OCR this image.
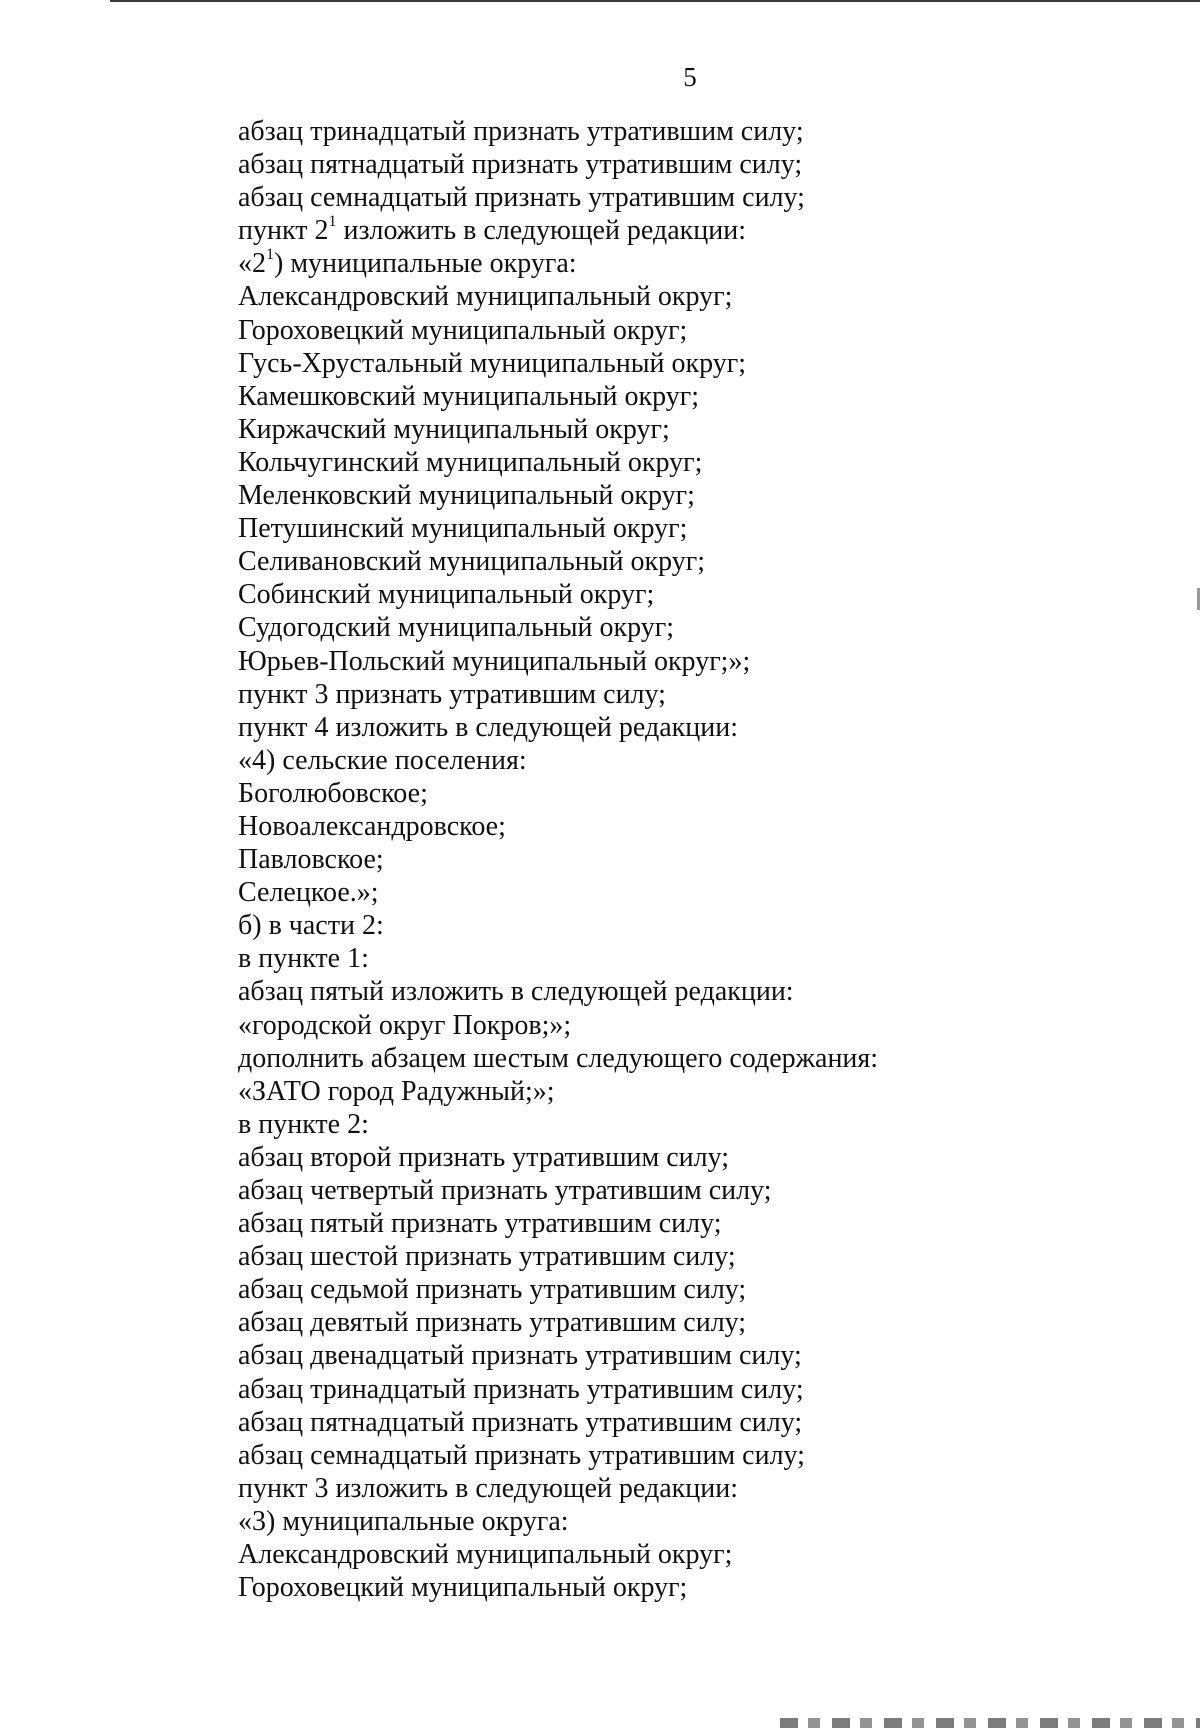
5
абзац тринадцатый признать утратившим силу;
абзац пятнадцатый признать утратившим силу;
абзац семнадцатый признать утратившим силу;
пункт $2^1$ изложить в следующей редакции:
«$2^1$) муниципальные округа:
Александровский муниципальный округ;
Гороховецкий муниципальный округ;
Гусь-Хрустальный муниципальный округ;
Камешковский муниципальный округ;
Киржачский муниципальный округ;
Кольчугинский муниципальный округ;
Меленковский муниципальный округ;
Петушинский муниципальный округ;
Селивановский муниципальный округ;
Собинский муниципальный округ;
Судогодский муниципальный округ;
Юрьев-Польский муниципальный округ;»;
пункт 3 признать утратившим силу;
пункт 4 изложить в следующей редакции:
«4) сельские поселения:
Боголюбовское;
Новоалександровское;
Павловское;
Селецкое.»;
б) в части 2:
в пункте 1:
абзац пятый изложить в следующей редакции:
«городской округ Покров;»;
дополнить абзацем шестым следующего содержания:
«ЗАТО город Радужный;»;
в пункте 2:
абзац второй признать утратившим силу;
абзац четвертый признать утратившим силу;
абзац пятый признать утратившим силу;
абзац шестой признать утратившим силу;
абзац седьмой признать утратившим силу;
абзац девятый признать утратившим силу;
абзац двенадцатый признать утратившим силу;
абзац тринадцатый признать утратившим силу;
абзац пятнадцатый признать утратившим силу;
абзац семнадцатый признать утратившим силу;
пункт 3 изложить в следующей редакции:
«3) муниципальные округа:
Александровский муниципальный округ;
Гороховецкий муниципальный округ;
